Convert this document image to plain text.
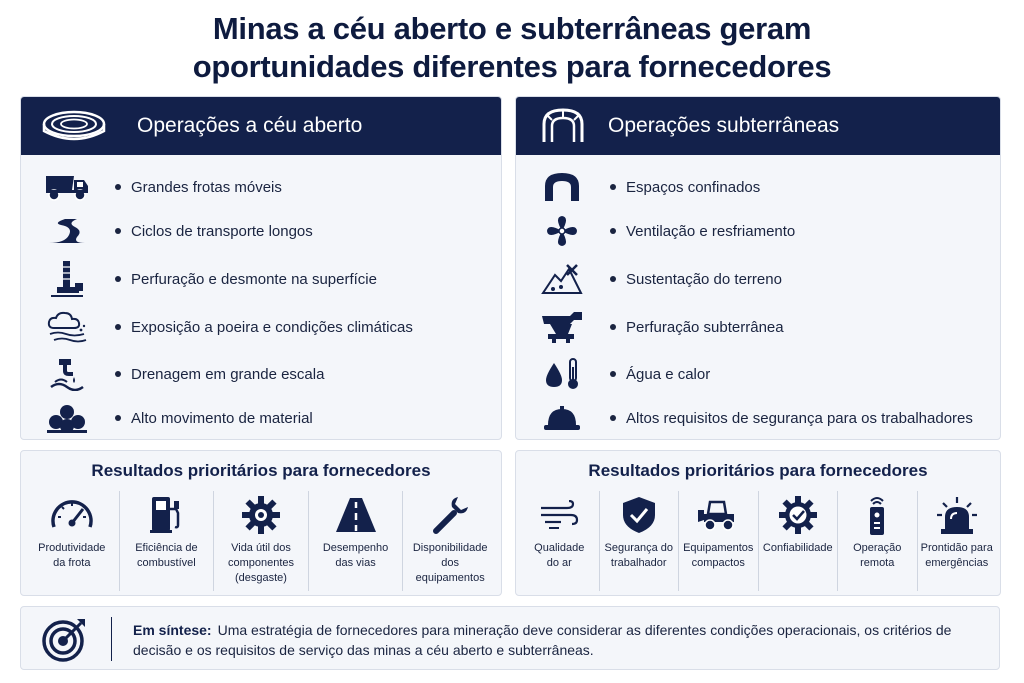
Minas a céu aberto e subterrâneas geram
oportunidades diferentes para fornecedores
Operações a céu aberto
Grandes frotas móveis
Ciclos de transporte longos
Perfuração e desmonte na superfície
Exposição a poeira e condições climáticas
Drenagem em grande escala
Alto movimento de material
Operações subterrâneas
Espaços confinados
Ventilação e resfriamento
Sustentação do terreno
Perfuração subterrânea
Água e calor
Altos requisitos de segurança para os trabalhadores
Resultados prioritários para fornecedores
Produtividade da frota
Eficiência de combustível
Vida útil dos componentes (desgaste)
Desempenho das vias
Disponibilidade dos equipamentos
Resultados prioritários para fornecedores
Qualidade do ar
Segurança do trabalhador
Equipamentos compactos
Confiabilidade	Operação remota
Prontidão para emergências
Em síntese: Uma estratégia de fornecedores para mineração deve considerar as diferentes condições operacionais, os critérios de decisão e os requisitos de serviço das minas a céu aberto e subterrâneas.
